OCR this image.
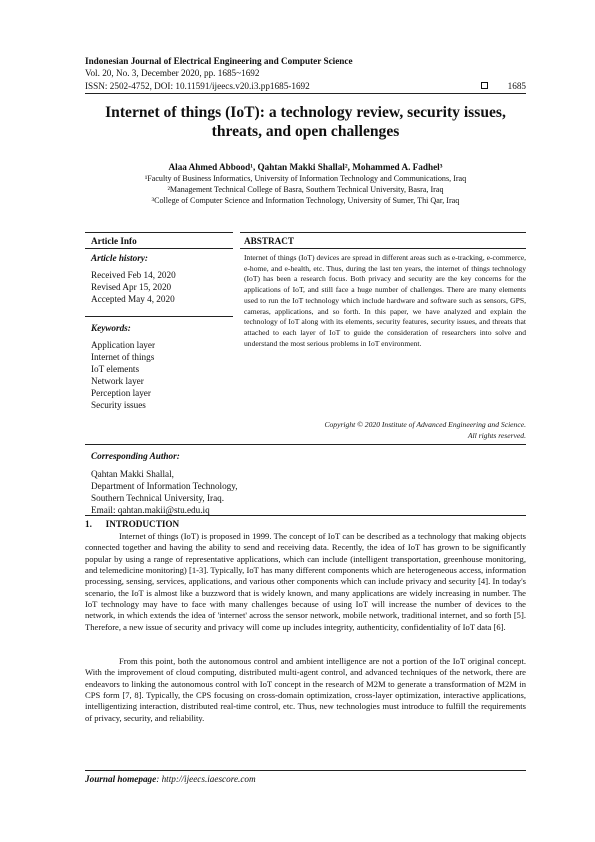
Indonesian Journal of Electrical Engineering and Computer Science
Vol. 20, No. 3, December 2020, pp. 1685~1692
ISSN: 2502-4752, DOI: 10.11591/ijeecs.v20.i3.pp1685-1692	1685
Internet of things (IoT): a technology review, security issues,
threats, and open challenges
Alaa Ahmed Abbood¹, Qahtan Makki Shallal², Mohammed A. Fadhel³
¹Faculty of Business Informatics, University of Information Technology and Communications, Iraq
²Management Technical College of Basra, Southern Technical University, Basra, Iraq
³College of Computer Science and Information Technology, University of Sumer, Thi Qar, Iraq
Article Info	ABSTRACT
Article history:
Received Feb 14, 2020
Revised Apr 15, 2020
Accepted May 4, 2020
Keywords:
Application layer
Internet of things
IoT elements
Network layer
Perception layer
Security issues
Internet of things (IoT) devices are spread in different areas such as e-tracking, e-commerce, e-home, and e-health, etc. Thus, during the last ten years, the internet of things technology (IoT) has been a research focus. Both privacy and security are the key concerns for the applications of IoT, and still face a huge number of challenges. There are many elements used to run the IoT technology which include hardware and software such as sensors, GPS, cameras, applications, and so forth. In this paper, we have analyzed and explain the technology of IoT along with its elements, security features, security issues, and threats that attached to each layer of IoT to guide the consideration of researchers into solve and understand the most serious problems in IoT environment.
Copyright © 2020 Institute of Advanced Engineering and Science.
All rights reserved.
Corresponding Author:
Qahtan Makki Shallal,
Department of Information Technology,
Southern Technical University, Iraq.
Email: qahtan.makii@stu.edu.iq
1.      INTRODUCTION
Internet of things (IoT) is proposed in 1999. The concept of IoT can be described as a technology that making objects connected together and having the ability to send and receiving data. Recently, the idea of IoT has grown to be significantly popular by using a range of representative applications, which can include (intelligent transportation, greenhouse monitoring, and telemedicine monitoring) [1-3]. Typically, IoT has many different components which are heterogeneous access, information processing, sensing, services, applications, and various other components which can include privacy and security [4]. In today's scenario, the IoT is almost like a buzzword that is widely known, and many applications are widely increasing in number. The IoT technology may have to face with many challenges because of using IoT will increase the number of devices to the network, in which extends the idea of 'internet' across the sensor network, mobile network, traditional internet, and so forth [5]. Therefore, a new issue of security and privacy will come up includes integrity, authenticity, confidentiality of IoT data [6].
From this point, both the autonomous control and ambient intelligence are not a portion of the IoT original concept. With the improvement of cloud computing, distributed multi-agent control, and advanced techniques of the network, there are endeavors to linking the autonomous control with IoT concept in the research of M2M to generate a transformation of M2M in CPS form [7, 8]. Typically, the CPS focusing on cross-domain optimization, cross-layer optimization, interactive applications, intelligentizing interaction, distributed real-time control, etc. Thus, new technologies must introduce to fulfill the requirements of privacy, security, and reliability.
Journal homepage: http://ijeecs.iaescore.com
